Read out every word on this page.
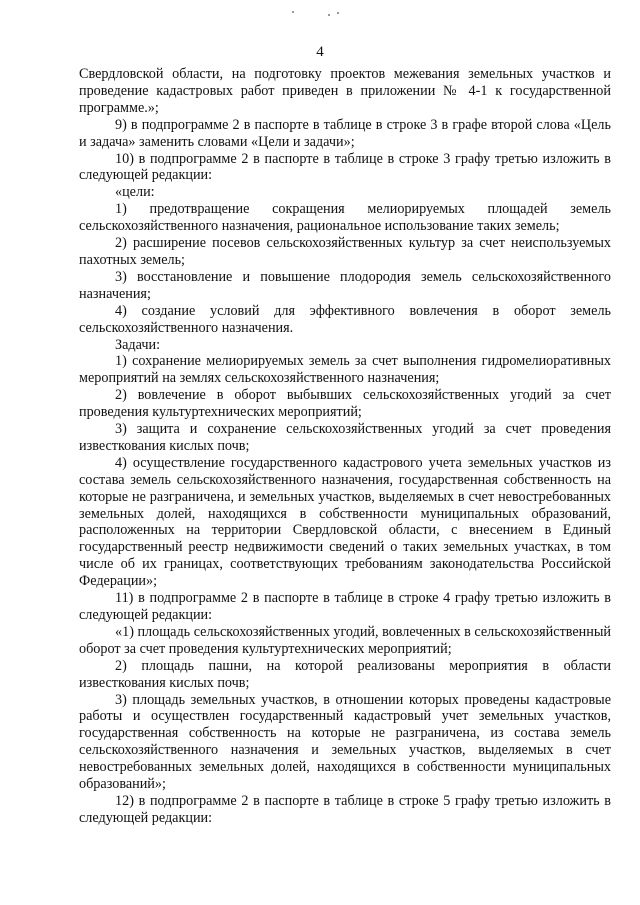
4

Свердловской области, на подготовку проектов межевания земельных участков и проведение кадастровых работ приведен в приложении № 4-1 к государственной программе.»;

9) в подпрограмме 2 в паспорте в таблице в строке 3 в графе второй слова «Цель и задача» заменить словами «Цели и задачи»;

10) в подпрограмме 2 в паспорте в таблице в строке 3 графу третью изложить в следующей редакции:

«цели:

1) предотвращение сокращения мелиорируемых площадей земель сельскохозяйственного назначения, рациональное использование таких земель;

2) расширение посевов сельскохозяйственных культур за счет неиспользуемых пахотных земель;

3) восстановление и повышение плодородия земель сельскохозяйственного назначения;

4) создание условий для эффективного вовлечения в оборот земель сельскохозяйственного назначения.

Задачи:

1) сохранение мелиорируемых земель за счет выполнения гидромелиоративных мероприятий на землях сельскохозяйственного назначения;

2) вовлечение в оборот выбывших сельскохозяйственных угодий за счет проведения культуртехнических мероприятий;

3) защита и сохранение сельскохозяйственных угодий за счет проведения известкования кислых почв;

4) осуществление государственного кадастрового учета земельных участков из состава земель сельскохозяйственного назначения, государственная собственность на которые не разграничена, и земельных участков, выделяемых в счет невостребованных земельных долей, находящихся в собственности муниципальных образований, расположенных на территории Свердловской области, с внесением в Единый государственный реестр недвижимости сведений о таких земельных участках, в том числе об их границах, соответствующих требованиям законодательства Российской Федерации»;

11) в подпрограмме 2 в паспорте в таблице в строке 4 графу третью изложить в следующей редакции:

«1) площадь сельскохозяйственных угодий, вовлеченных в сельскохозяйственный оборот за счет проведения культуртехнических мероприятий;

2) площадь пашни, на которой реализованы мероприятия в области известкования кислых почв;

3) площадь земельных участков, в отношении которых проведены кадастровые работы и осуществлен государственный кадастровый учет земельных участков, государственная собственность на которые не разграничена, из состава земель сельскохозяйственного назначения и земельных участков, выделяемых в счет невостребованных земельных долей, находящихся в собственности муниципальных образований»;

12) в подпрограмме 2 в паспорте в таблице в строке 5 графу третью изложить в следующей редакции:
